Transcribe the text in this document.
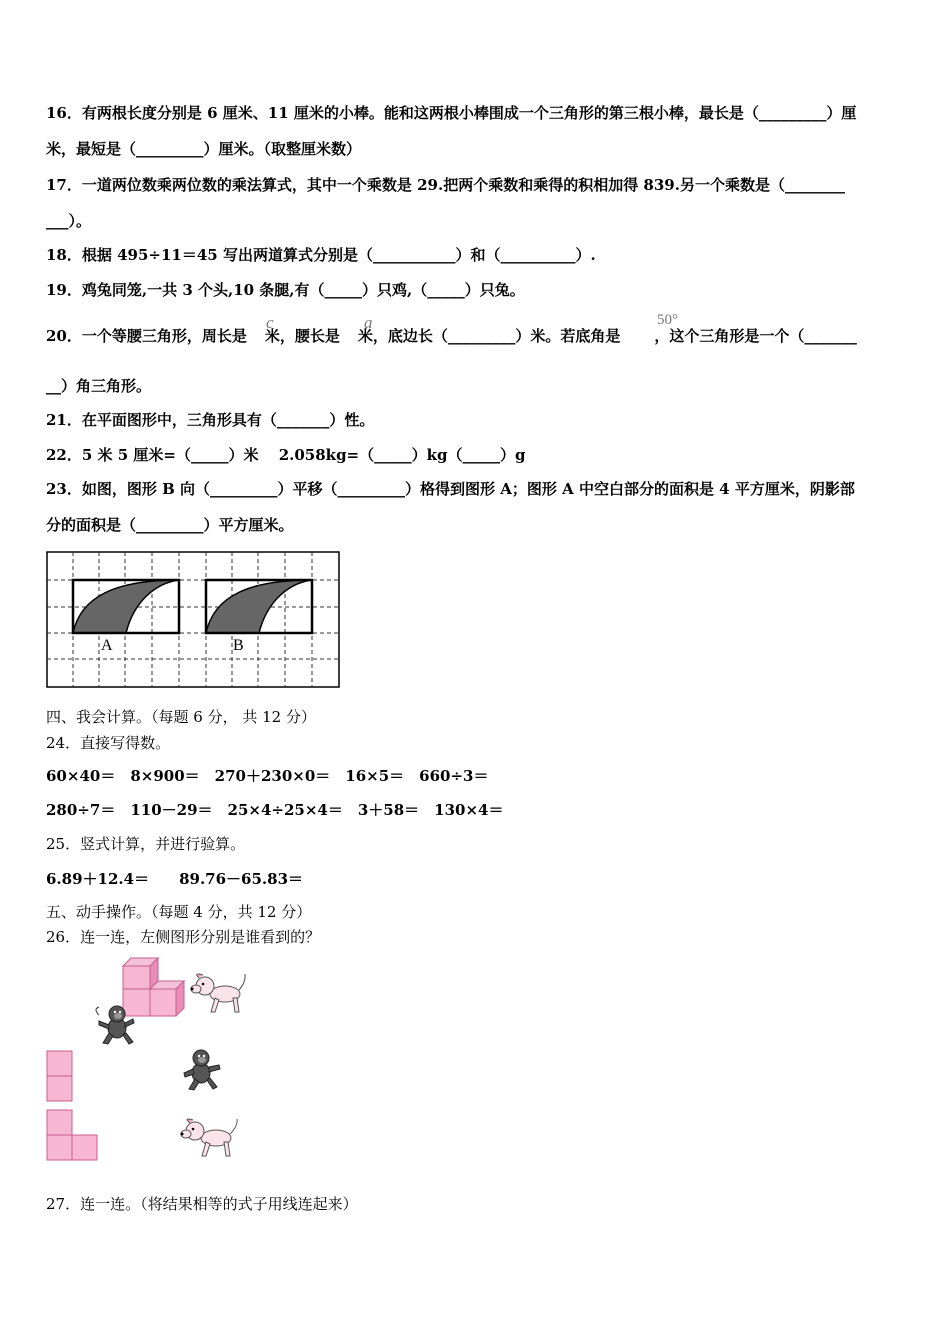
16．有两根长度分别是 6 厘米、11 厘米的小棒。能和这两根小棒围成一个三角形的第三根小棒，最长是（_________）厘
米，最短是（_________）厘米。（取整厘米数）
17．一道两位数乘两位数的乘法算式，其中一个乘数是 29.把两个乘数和乘得的积相加得 839.另一个乘数是（________
___）。
18．根据 495÷11＝45 写出两道算式分别是（___________）和（__________）.
19．鸡兔同笼,一共 3 个头,10 条腿,有（_____）只鸡,（_____）只兔。
20．一个等腰三角形，周长是 米，腰长是 米，底边长（_________）米。若底角是 ，这个三角形是一个（_______
c	a	50°
__）角三角形。
21．在平面图形中，三角形具有（_______）性。
22．5 米 5 厘米=（_____）米　 2.058kg=（_____）kg（_____）g
23．如图，图形 B 向（_________）平移（_________）格得到图形 A；图形 A 中空白部分的面积是 4 平方厘米，阴影部
分的面积是（_________）平方厘米。
A	B
四、我会计算。（每题 6 分， 共 12 分）
24．直接写得数。
60×40＝　8×900＝　270＋230×0＝　16×5＝　660÷3＝
280÷7＝　110－29＝　25×4÷25×4＝　3＋58＝　130×4＝
25．竖式计算，并进行验算。
6.89＋12.4＝　　89.76－65.83＝
五、动手操作。（每题 4 分，共 12 分）
26．连一连，左侧图形分别是谁看到的？
27．连一连。（将结果相等的式子用线连起来）
